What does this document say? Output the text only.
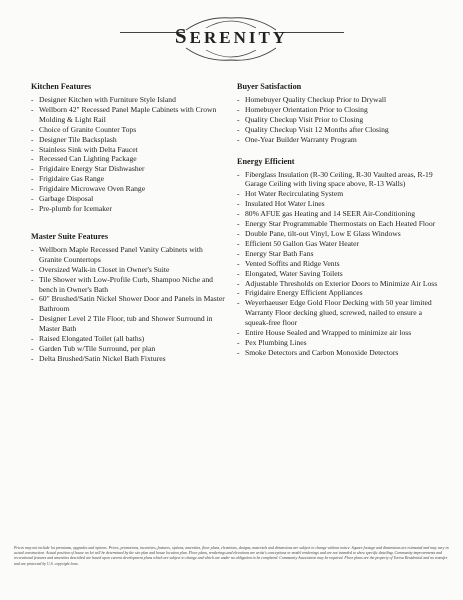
SERENITY
Kitchen Features
- Designer Kitchen with Furniture Style Island
- Wellborn 42" Recessed Panel Maple Cabinets with Crown Molding & Light Rail
- Choice of Granite Counter Tops
- Designer Tile Backsplash
- Stainless Sink with Delta Faucet
- Recessed Can Lighting Package
- Frigidaire Energy Star Dishwasher
- Frigidaire Gas Range
- Frigidaire Microwave Oven Range
- Garbage Disposal
- Pre-plumb for Icemaker
Master Suite Features
- Wellborn Maple Recessed Panel Vanity Cabinets with Granite Countertops
- Oversized Walk-in Closet in Owner's Suite
- Tile Shower with Low-Profile Curb, Shampoo Niche and bench in Owner's Bath
- 60" Brushed/Satin Nickel Shower Door and Panels in Master Bathroom
- Designer Level 2 Tile Floor, tub and Shower Surround in Master Bath
- Raised Elongated Toilet (all baths)
- Garden Tub w/Tile Surround, per plan
- Delta Brushed/Satin Nickel Bath Fixtures
Buyer Satisfaction
- Homebuyer Quality Checkup Prior to Drywall
- Homebuyer Orientation Prior to Closing
- Quality Checkup Visit Prior to Closing
- Quality Checkup Visit 12 Months after Closing
- One-Year Builder Warranty Program
Energy Efficient
- Fiberglass Insulation (R-30 Ceiling, R-30 Vaulted areas, R-19 Garage Ceiling with living space above, R-13 Walls)
- Hot Water Recirculating System
- Insulated Hot Water Lines
- 80% AFUE gas Heating and 14 SEER Air-Conditioning
- Energy Star Programmable Thermostats on Each Heated Floor
- Double Pane, tilt-out Vinyl, Low E Glass Windows
- Efficient 50 Gallon Gas Water Heater
- Energy Star Bath Fans
- Vented Soffits and Ridge Vents
- Elongated, Water Saving Toilets
- Adjustable Thresholds on Exterior Doors to Minimize Air Loss
- Frigidaire Energy Efficient Appliances
- Weyerhaeuser Edge Gold Floor Decking with 50 year limited Warranty Floor decking glued, screwed, nailed to ensure a squeak-free floor
- Entire House Sealed and Wrapped to minimize air loss
- Pex Plumbing Lines
- Smoke Detectors and Carbon Monoxide Detectors
Prices may not include lot premiums, upgrades and options. Prices, promotions, incentives, features, options, amenities, floor plans, elevations, designs, materials and dimensions are subject to change without notice. Square footage and dimensions are estimated and may vary in actual construction. Actual position of house on lot will be determined by the site plan and house location plan. Floor plans, renderings and elevations are artist's conceptions or model renderings and are not intended to show specific detailing. Community improvements and recreational features and amenities described are based upon current development plans which are subject to change and which are under no obligation to be completed. Community Association may be required. Floor plans are the property of Toresa Residential and no transfer and are protected by U.S. copyright laws.
